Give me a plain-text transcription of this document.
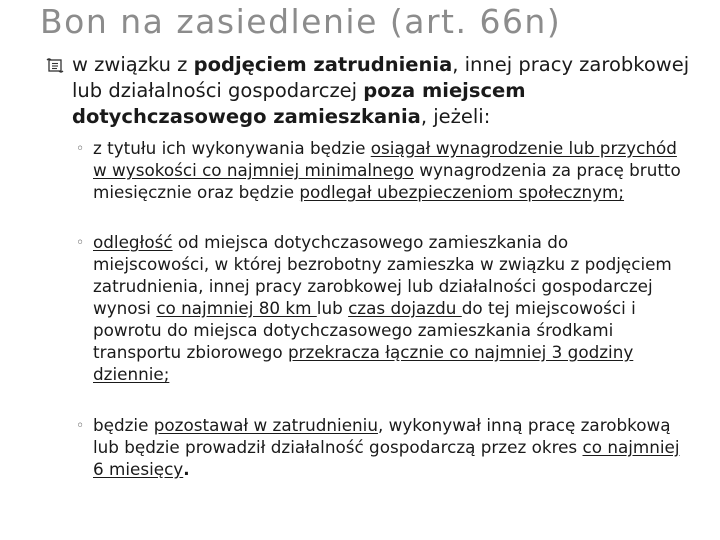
Bon na zasiedlenie (art. 66n)
w związku z podjęciem zatrudnienia, innej pracy zarobkowej lub działalności gospodarczej poza miejscem dotychczasowego zamieszkania, jeżeli:
◦ z tytułu ich wykonywania będzie osiągał wynagrodzenie lub przychód w wysokości co najmniej minimalnego wynagrodzenia za pracę brutto miesięcznie oraz będzie podlegał ubezpieczeniom społecznym;
◦ odległość od miejsca dotychczasowego zamieszkania do miejscowości, w której bezrobotny zamieszka w związku z podjęciem zatrudnienia, innej pracy zarobkowej lub działalności gospodarczej wynosi co najmniej 80 km lub czas dojazdu do tej miejscowości i powrotu do miejsca dotychczasowego zamieszkania środkami transportu zbiorowego przekracza łącznie co najmniej 3 godziny dziennie;
◦ będzie pozostawał w zatrudnieniu, wykonywał inną pracę zarobkową lub będzie prowadził działalność gospodarczą przez okres co najmniej 6 miesięcy.
